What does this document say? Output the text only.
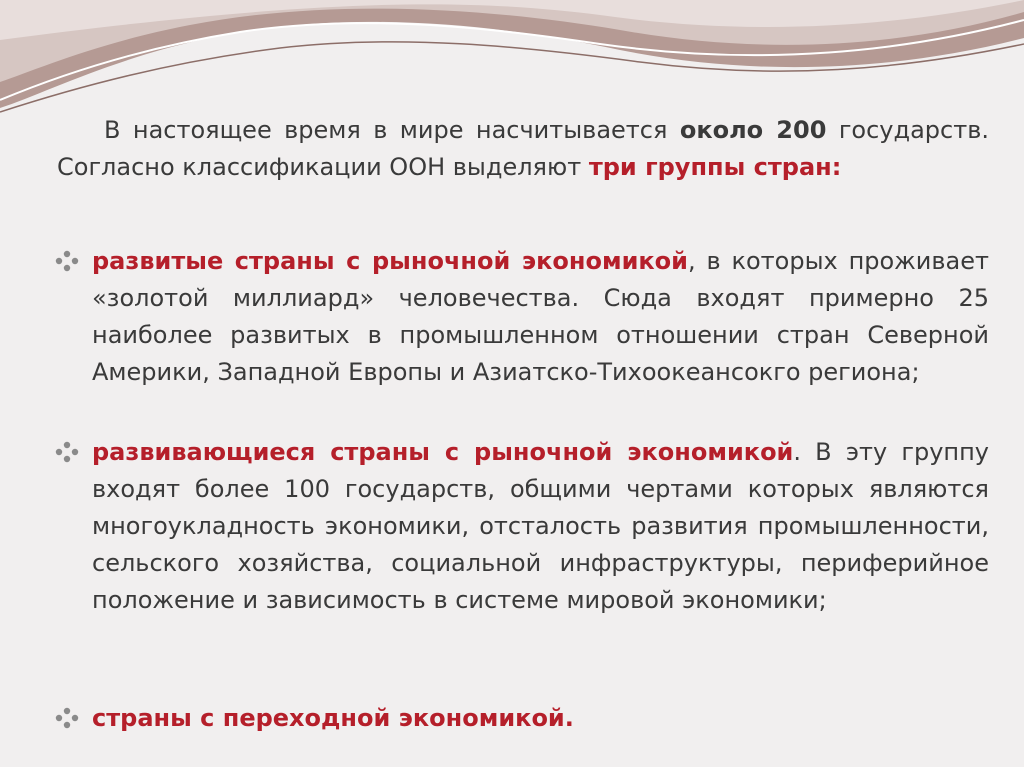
В настоящее время в мире насчитывается около 200 государств. Согласно классификации ООН выделяют три группы стран:
развитые страны с рыночной экономикой, в которых проживает «золотой миллиард» человечества. Сюда входят примерно 25 наиболее развитых в промышленном отношении стран Северной Америки, Западной Европы и Азиатско-Тихоокеансокго региона;
развивающиеся страны с рыночной экономикой. В эту группу входят более 100 государств, общими чертами которых являются многоукладность экономики, отсталость развития промышленности, сельского хозяйства, социальной инфраструктуры, периферийное положение и зависимость в системе мировой экономики;
страны с переходной экономикой.
